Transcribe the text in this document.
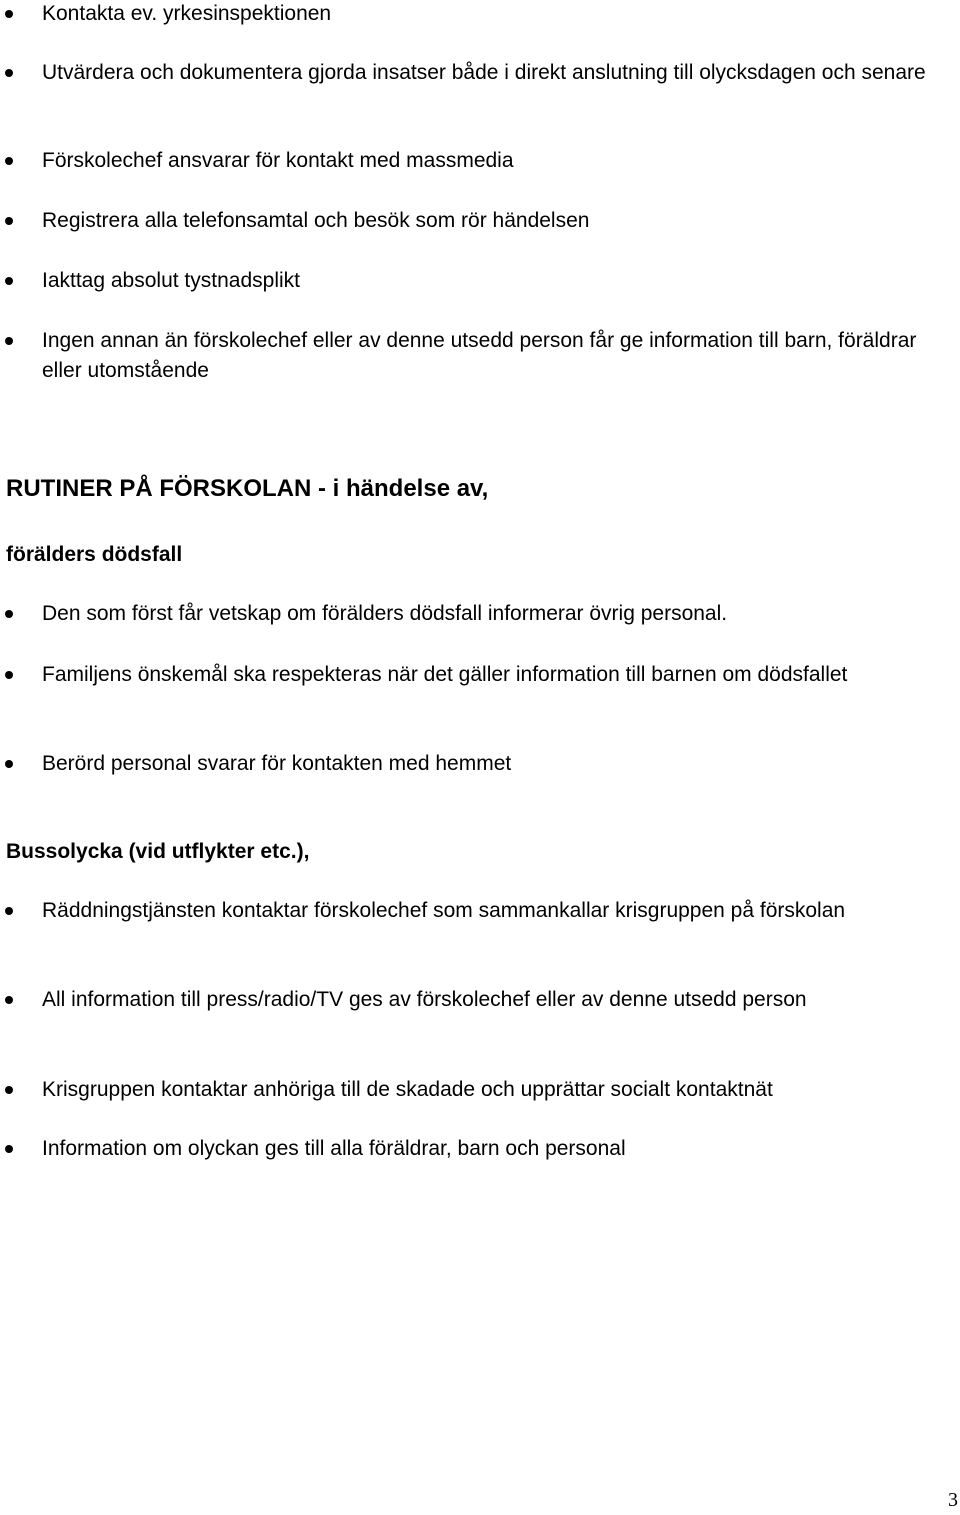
Kontakta ev. yrkesinspektionen

Utvärdera och dokumentera gjorda insatser både i direkt anslutning till olycksdagen och senare

Förskolechef ansvarar för kontakt med massmedia

Registrera alla telefonsamtal och besök som rör händelsen

Iakttag absolut tystnadsplikt

Ingen annan än förskolechef eller av denne utsedd person får ge information till barn, föräldrar eller utomstående

RUTINER PÅ FÖRSKOLAN - i händelse av,
förälders dödsfall

Den som först får vetskap om förälders dödsfall informerar övrig personal.

Familjens önskemål ska respekteras när det gäller information till barnen om dödsfallet

Berörd personal svarar för kontakten med hemmet

Bussolycka (vid utflykter etc.),

Räddningstjänsten kontaktar förskolechef som sammankallar krisgruppen på förskolan

All information till press/radio/TV ges av förskolechef eller av denne utsedd person

Krisgruppen kontaktar anhöriga till de skadade och upprättar socialt kontaktnät

Information om olyckan ges till alla föräldrar, barn och personal

3
